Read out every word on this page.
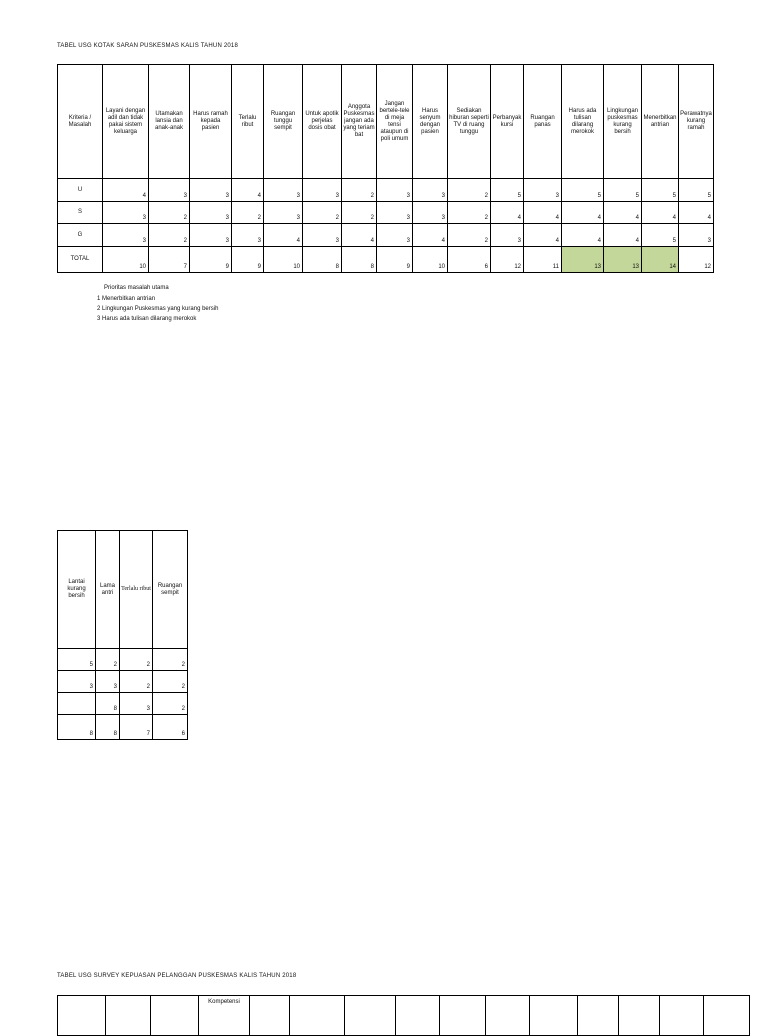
TABEL USG KOTAK SARAN PUSKESMAS KALIS TAHUN 2018
Kriteria / Masalah	Layani dengan adil dan tidak pakai sistem keluarga	Utamakan lansia dan anak-anak	Harus ramah kepada pasien	Terlalu ribut	Ruangan tunggu sempit	Untuk apotik perjelas dosis obat	Anggota Puskesmas jangan ada yang teriam bat	Jangan bertele-tele di meja tensi ataupun di poli umum	Harus senyum dengan pasien	Sediakan hiburan seperti TV di ruang tunggu	Perbanyak kursi	Ruangan panas	Harus ada tulisan dilarang merokok	Lingkungan puskesmas kurang bersih	Menerbitkan antrian	Perawatnya kurang ramah
U	4	3	3	4	3	3	2	3	3	2	5	3	5	5	5	5
S	3	2	3	2	3	2	2	3	3	2	4	4	4	4	4	4
G	3	2	3	3	4	3	4	3	4	2	3	4	4	4	5	3
TOTAL	10	7	9	9	10	8	8	9	10	6	12	11	13	13	14	12
Prioritas masalah utama
1 Menerbitkan antrian
2 Lingkungan Puskesmas yang kurang bersih
3 Harus ada tulisan dilarang merokok
Lantai kurang bersih	Lama antri	Terlalu ribut	Ruangan sempit
5	2	2	2
3	3	2	2
	8	3	2
8	8	7	6
TABEL USG SURVEY KEPUASAN PELANGGAN PUSKESMAS KALIS TAHUN 2018
			Kompetensi											
